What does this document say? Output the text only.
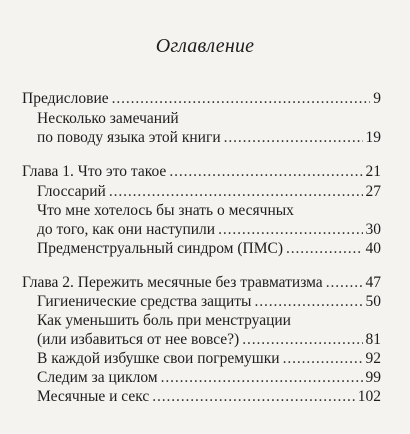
Оглавление
Предисловие . . .	9
Несколько замечаний
по поводу языка этой книги . . .	19
Глава 1. Что это такое . . .	21
Глоссарий . . .	27
Что мне хотелось бы знать о месячных
до того, как они наступили . . .	30
Предменструальный синдром (ПМС) . . .	40
Глава 2. Пережить месячные без травматизма . . .	47
Гигиенические средства защиты . . .	50
Как уменьшить боль при менструации
(или избавиться от нее вовсе?) . . .	81
В каждой избушке свои погремушки . . .	92
Следим за циклом . . .	99
Месячные и секс . . .	102
